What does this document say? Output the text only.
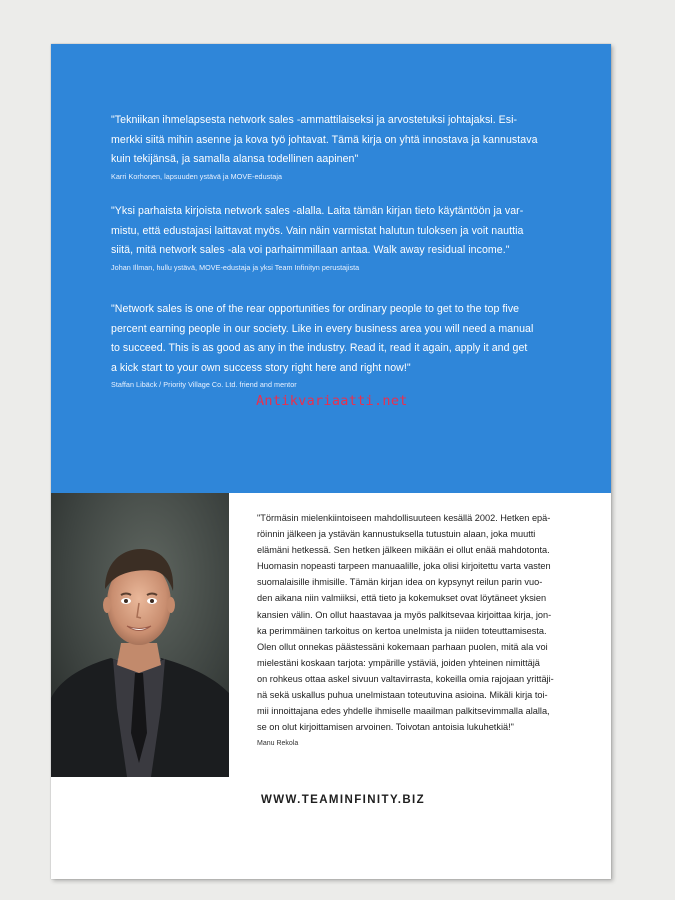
"Tekniikan ihmelapsesta network sales -ammattilaiseksi ja arvostetuksi johtajaksi. Esi-
merkki siitä mihin asenne ja kova työ johtavat. Tämä kirja on yhtä innostava ja kannustava
kuin tekijänsä, ja samalla alansa todellinen aapinen"
Karri Korhonen, lapsuuden ystävä ja MOVE-edustaja
"Yksi parhaista kirjoista network sales -alalla. Laita tämän kirjan tieto käytäntöön ja var-
mistu, että edustajasi laittavat myös. Vain näin varmistat halutun tuloksen ja voit nauttia
siitä, mitä network sales -ala voi parhaimmillaan antaa. Walk away residual income."
Johan Illman, hullu ystävä, MOVE-edustaja ja yksi Team Infinityn perustajista
"Network sales is one of the rear opportunities for ordinary people to get to the top five
percent earning people in our society. Like in every business area you will need a manual
to succeed. This is as good as any in the industry. Read it, read it again, apply it and get
a kick start to your own success story right here and right now!"
Staffan Libäck / Priority Village Co. Ltd. friend and mentor
Antikvariaatti.net
"Törmäsin mielenkiintoiseen mahdollisuuteen kesällä 2002. Hetken epä-
röinnin jälkeen ja ystävän kannustuksella tutustuin alaan, joka muutti
elämäni hetkessä. Sen hetken jälkeen mikään ei ollut enää mahdotonta.
Huomasin nopeasti tarpeen manuaalille, joka olisi kirjoitettu varta vasten
suomalaisille ihmisille. Tämän kirjan idea on kypsynyt reilun parin vuo-
den aikana niin valmiiksi, että tieto ja kokemukset ovat löytäneet yksien
kansien välin. On ollut haastavaa ja myös palkitsevaa kirjoittaa kirja, jon-
ka perimmäinen tarkoitus on kertoa unelmista ja niiden toteuttamisesta.
Olen ollut onnekas päästessäni kokemaan parhaan puolen, mitä ala voi
mielestäni koskaan tarjota: ympärille ystäviä, joiden yhteinen nimittäjä
on rohkeus ottaa askel sivuun valtavirrasta, kokeilla omia rajojaan yrittäji-
nä sekä uskallus puhua unelmistaan toteutuvina asioina. Mikäli kirja toi-
mii innoittajana edes yhdelle ihmiselle maailman palkitsevimmalla alalla,
se on olut kirjoittamisen arvoinen. Toivotan antoisia lukuhetkiä!"
Manu Rekola
WWW.TEAMINFINITY.BIZ
